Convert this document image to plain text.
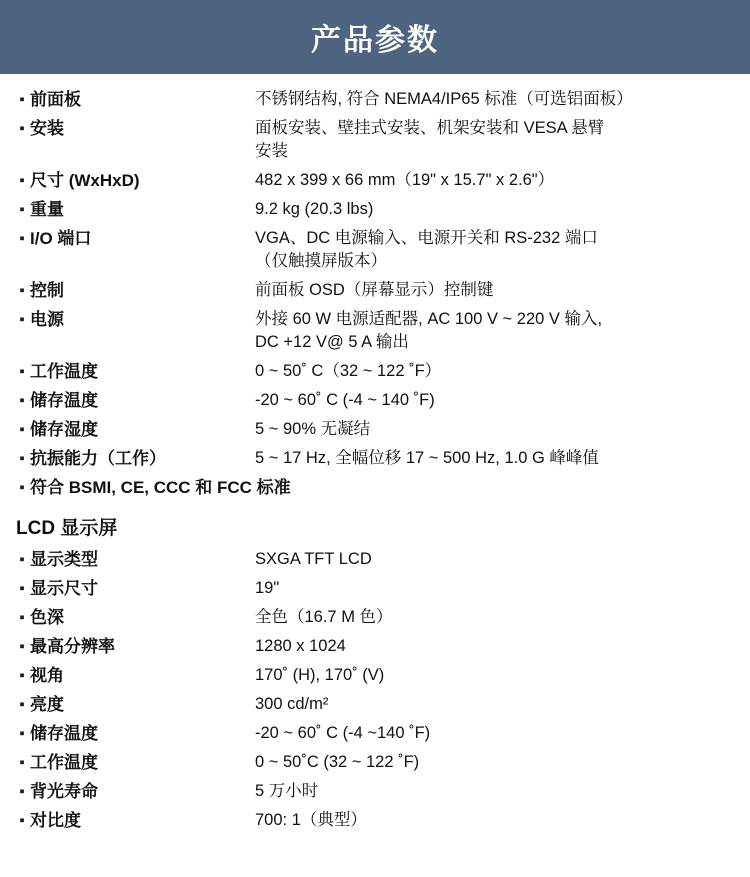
产品参数
▪
前面板	不锈钢结构, 符合 NEMA4/IP65 标准（可选铝面板）
▪
安装	面板安装、壁挂式安装、机架安装和 VESA 悬臂
安装
▪
尺寸 (WxHxD)	482 x 399 x 66 mm（19" x 15.7" x 2.6"）
▪
重量	9.2 kg (20.3 lbs)
▪
I/O 端口	VGA、DC 电源输入、电源开关和 RS-232 端口
（仅触摸屏版本）
▪
控制	前面板 OSD（屏幕显示）控制键
▪
电源	外接 60 W 电源适配器, AC 100 V ~ 220 V 输入,
DC +12 V@ 5 A 输出
▪
工作温度	0 ~ 50˚ C（32 ~ 122 ˚F）
▪
储存温度	-20 ~ 60˚ C (-4 ~ 140 ˚F)
▪
储存湿度	5 ~ 90% 无凝结
▪
抗振能力（工作）	5 ~ 17 Hz, 全幅位移 17 ~ 500 Hz, 1.0 G 峰峰值
▪
符合 BSMI, CE, CCC 和 FCC 标准
LCD 显示屏
▪
显示类型	SXGA TFT LCD
▪
显示尺寸	19"
▪
色深	全色（16.7 M 色）
▪
最高分辨率	1280 x 1024
▪
视角	170˚ (H), 170˚ (V)
▪
亮度	300 cd/m²
▪
储存温度	-20 ~ 60˚ C (-4 ~140 ˚F)
▪
工作温度	0 ~ 50˚C (32 ~ 122 ˚F)
▪
背光寿命	5 万小时
▪
对比度	700: 1（典型）
